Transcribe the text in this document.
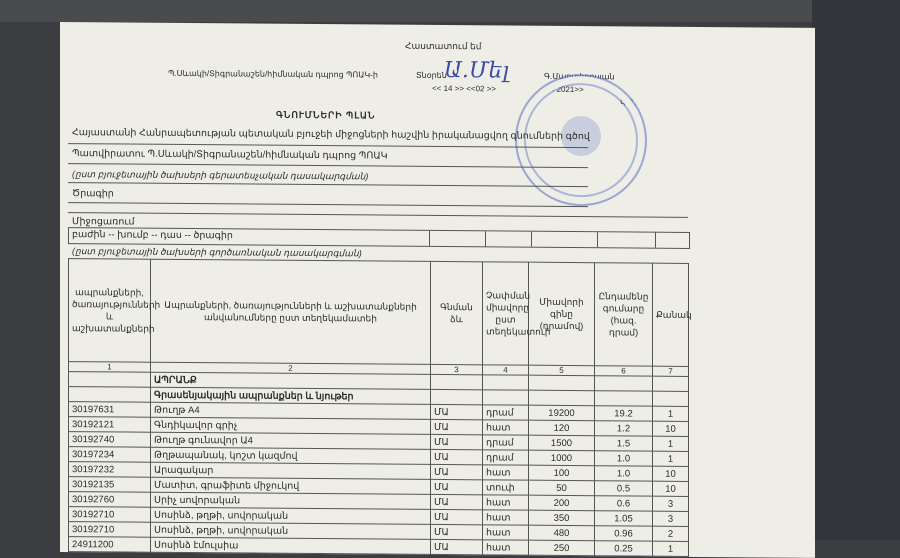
Հաստատում եմ
Պ.Սևակի/Տիգրանաշեն/հիմնական դպրոց ՊՈԱԿ-ի	Տնօրեն
Ա.Մել	Գ.Մարտիրոսյան
<< 14 >> <<02 >>	<< 2021>>
Կ.Տ.
ԳՆՈՒՄՆԵՐԻ ՊԼԱՆ
Հայաստանի Հանրապետության պետական բյուջեի միջոցների հաշվին իրականացվող գնումների գծով
Պատվիրատու Պ.Սևակի/Տիգրանաշեն/հիմնական դպրոց ՊՈԱԿ
(ըստ բյուջետային ծախսերի գերատեսչական դասակարգման)
Ծրագիր
Միջոցառում
բաժին -- խումբ -- դաս -- ծրագիր
(ըստ բյուջետային ծախսերի գործառնական դասակարգման)
ապրանքների, ծառայությունների և աշխատանքների	Ապրանքների, ծառայությունների և աշխատանքների անվանումները ըստ տեղեկամատեի	Գնման ձև	Չափման միավորը ըստ տեղեկատուի	Միավորի գինը (դրամով)	Ընդամենը գումարը (հազ. դրամ)	Քանակ
1	2	3	4	5	6	7
	ԱՊՐԱՆՔ					
	Գրասենյակային ապրանքներ և նյութեր					
30197631	Թուղթ A4	ՄԱ	դրամ	19200	19.2	1
30192121	Գնդիկավոր գրիչ	ՄԱ	հատ	120	1.2	10
30192740	Թուղթ գունավոր Ա4	ՄԱ	դրամ	1500	1.5	1
30197234	Թղթապանակ, կոշտ կազմով	ՄԱ	դրամ	1000	1.0	1
30197232	Արագակար	ՄԱ	հատ	100	1.0	10
30192135	Մատիտ, գրաֆիտե միջուկով	ՄԱ	տուփ	50	0.5	10
30192760	Սրիչ սովորական	ՄԱ	հատ	200	0.6	3
30192710	Սոսինձ, թղթի, սովորական	ՄԱ	հատ	350	1.05	3
30192710	Սոսինձ, թղթի, սովորական	ՄԱ	հատ	480	0.96	2
24911200	Սոսինձ էմուլսիա	ՄԱ	հատ	250	0.25	1
